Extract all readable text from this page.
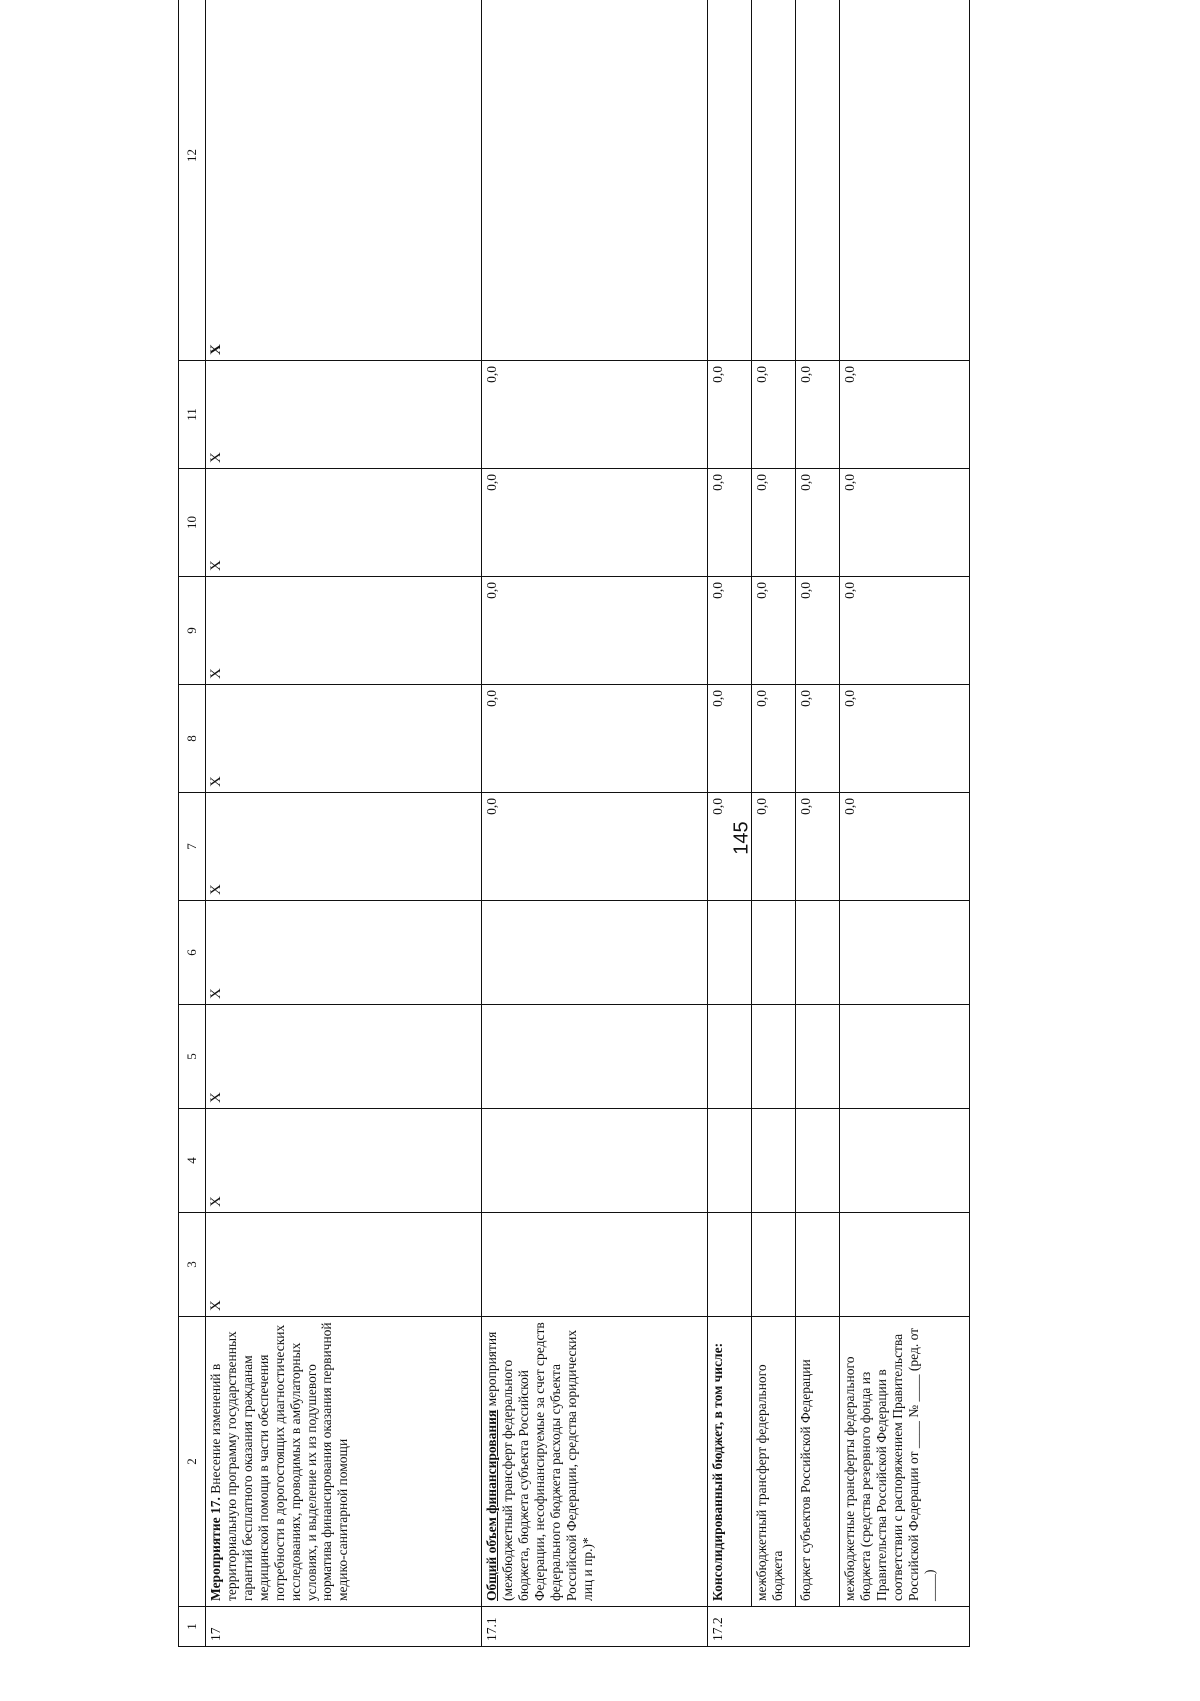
145
1	2	3	4	5	6	7	8	9	10	11	12
17	Мероприятие 17. Внесение изменений в территориальную программу государственных гарантий бесплатного оказания гражданам медицинской помощи в части обеспечения потребности в дорогостоящих диагностических исследованиях, проводимых в амбулаторных условиях, и выделение их из подушевого норматива финансирования оказания первичной медико-санитарной помощи	X	X	X	X	X	X	X	X	X	X
17.1	Общий объем финансирования мероприятия (межбюджетный трансферт федерального бюджета, бюджета субъекта Российской Федерации, несофинансируемые за счет средств федерального бюджета расходы субъекта Российской Федерации, средства юридических лиц и пр.)*					0,0	0,0	0,0	0,0	0,0	
17.2	Консолидированный бюджет, в том числе:					0,0	0,0	0,0	0,0	0,0	
	межбюджетный трансферт федерального бюджета					0,0	0,0	0,0	0,0	0,0	
	бюджет субъектов Российской Федерации					0,0	0,0	0,0	0,0	0,0	
	межбюджетные трансферты федерального бюджета (средства резервного фонда из Правительства Российской Федерации в соответствии с распоряжением Правительства Российской Федерации от ____ № ____ (ред. от ____)					0,0	0,0	0,0	0,0	0,0	
